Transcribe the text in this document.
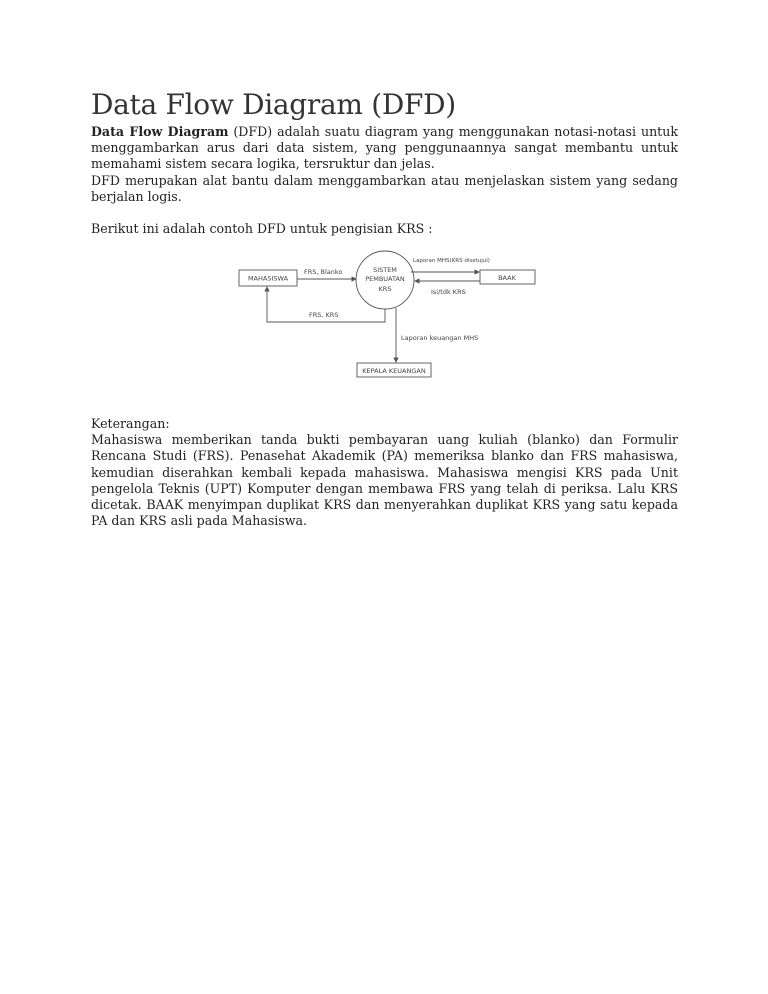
Data Flow Diagram (DFD)

Data Flow Diagram (DFD) adalah suatu diagram yang menggunakan notasi-notasi untuk menggambarkan arus dari data sistem, yang penggunaannya sangat membantu untuk memahami sistem secara logika, tersruktur dan jelas.

DFD merupakan alat bantu dalam menggambarkan atau menjelaskan sistem yang sedang berjalan logis.

Berikut ini adalah contoh DFD untuk pengisian KRS :

MAHASISWA
SISTEM
PEMBUATAN
KRS
BAAK
KEPALA KEUANGAN
FRS, Blanko
FRS, KRS
Laporan MHS(KRS disetujui)
Isi/tdk KRS
Laporan keuangan MHS

Keterangan:

Mahasiswa memberikan tanda bukti pembayaran uang kuliah (blanko) dan Formulir Rencana Studi (FRS). Penasehat Akademik (PA) memeriksa blanko dan FRS mahasiswa, kemudian diserahkan kembali kepada mahasiswa. Mahasiswa mengisi KRS pada Unit pengelola Teknis (UPT) Komputer dengan membawa FRS yang telah di periksa. Lalu KRS dicetak. BAAK menyimpan duplikat KRS dan menyerahkan duplikat KRS yang satu kepada PA dan KRS asli pada Mahasiswa.
